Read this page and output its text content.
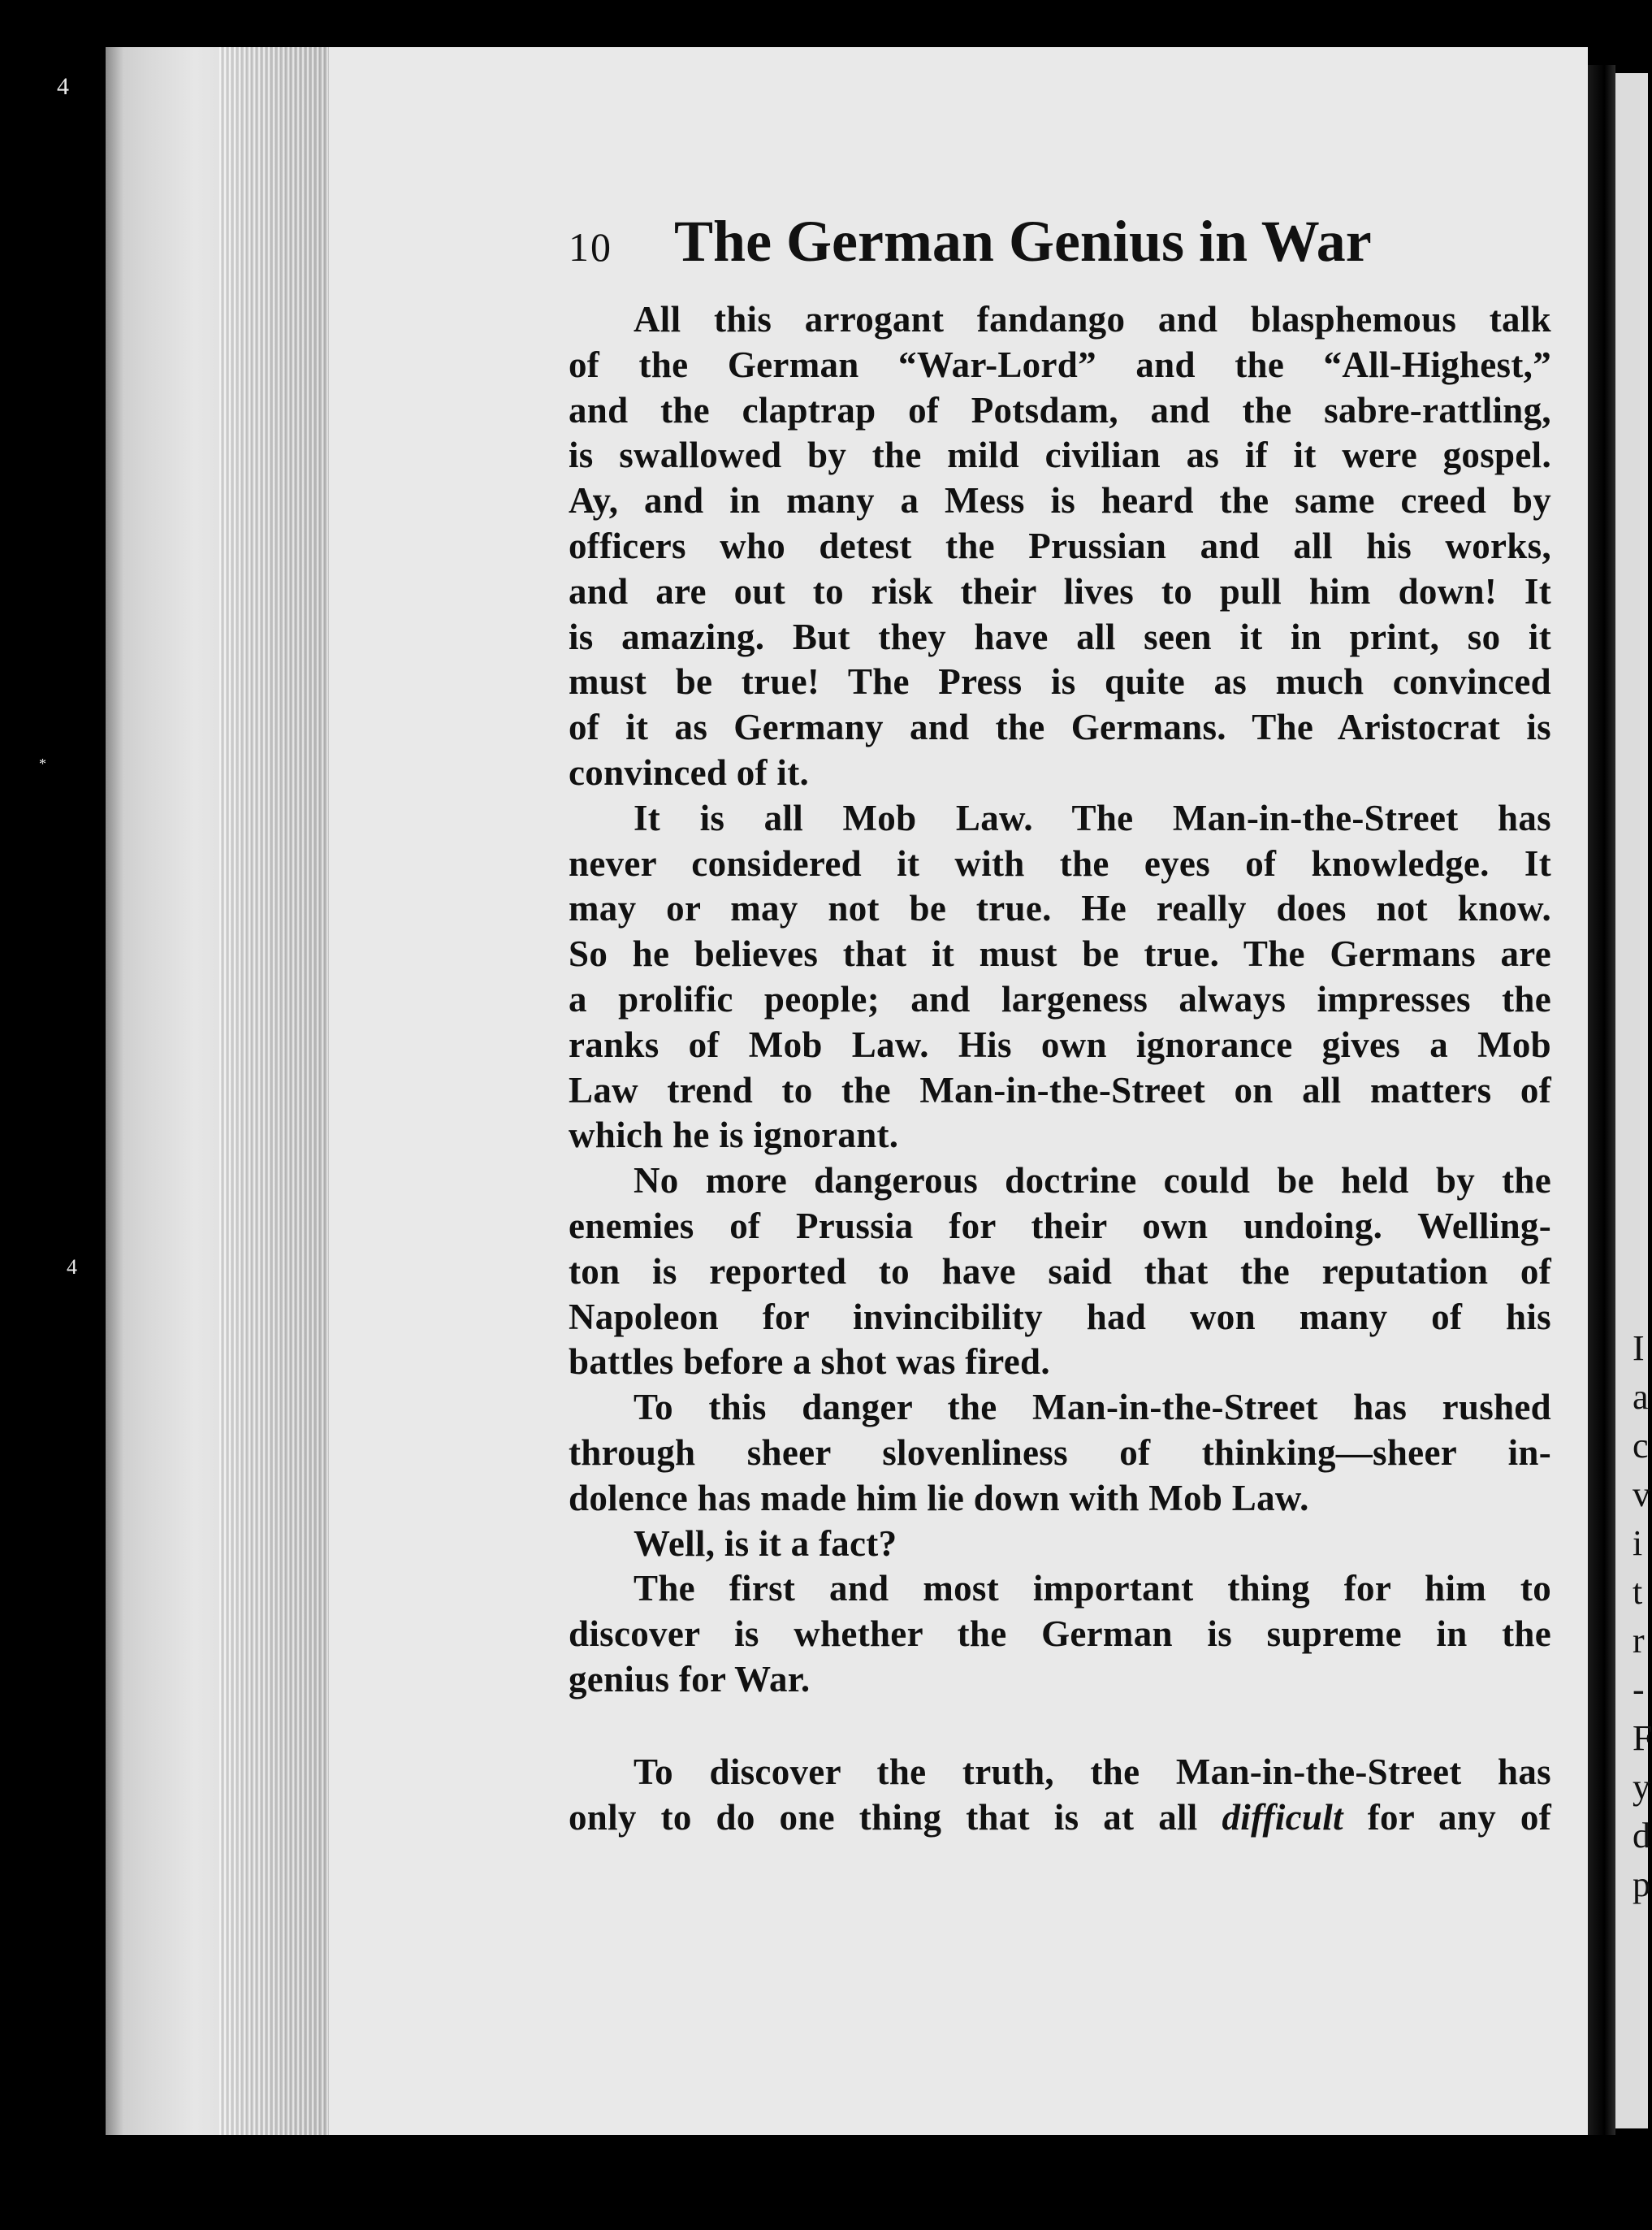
I
a
c
v
i
t
r
-
F
y
d
p
4
*
4
10	The German Genius in War

All this arrogant fandango and blasphemous talk
of the German “War-Lord” and the “All-Highest,”
and the claptrap of Potsdam, and the sabre-rattling,
is swallowed by the mild civilian as if it were gospel.
Ay, and in many a Mess is heard the same creed by
officers who detest the Prussian and all his works,
and are out to risk their lives to pull him down! It
is amazing. But they have all seen it in print, so it
must be true! The Press is quite as much convinced
of it as Germany and the Germans. The Aristocrat is
convinced of it.

It is all Mob Law. The Man-in-the-Street has
never considered it with the eyes of knowledge. It
may or may not be true. He really does not know.
So he believes that it must be true. The Germans are
a prolific people; and largeness always impresses the
ranks of Mob Law. His own ignorance gives a Mob
Law trend to the Man-in-the-Street on all matters of
which he is ignorant.

No more dangerous doctrine could be held by the
enemies of Prussia for their own undoing. Welling-
ton is reported to have said that the reputation of
Napoleon for invincibility had won many of his
battles before a shot was fired.

To this danger the Man-in-the-Street has rushed
through sheer slovenliness of thinking—sheer in-
dolence has made him lie down with Mob Law.

Well, is it a fact?

The first and most important thing for him to
discover is whether the German is supreme in the
genius for War.

To discover the truth, the Man-in-the-Street has
only to do one thing that is at all difficult for any of
